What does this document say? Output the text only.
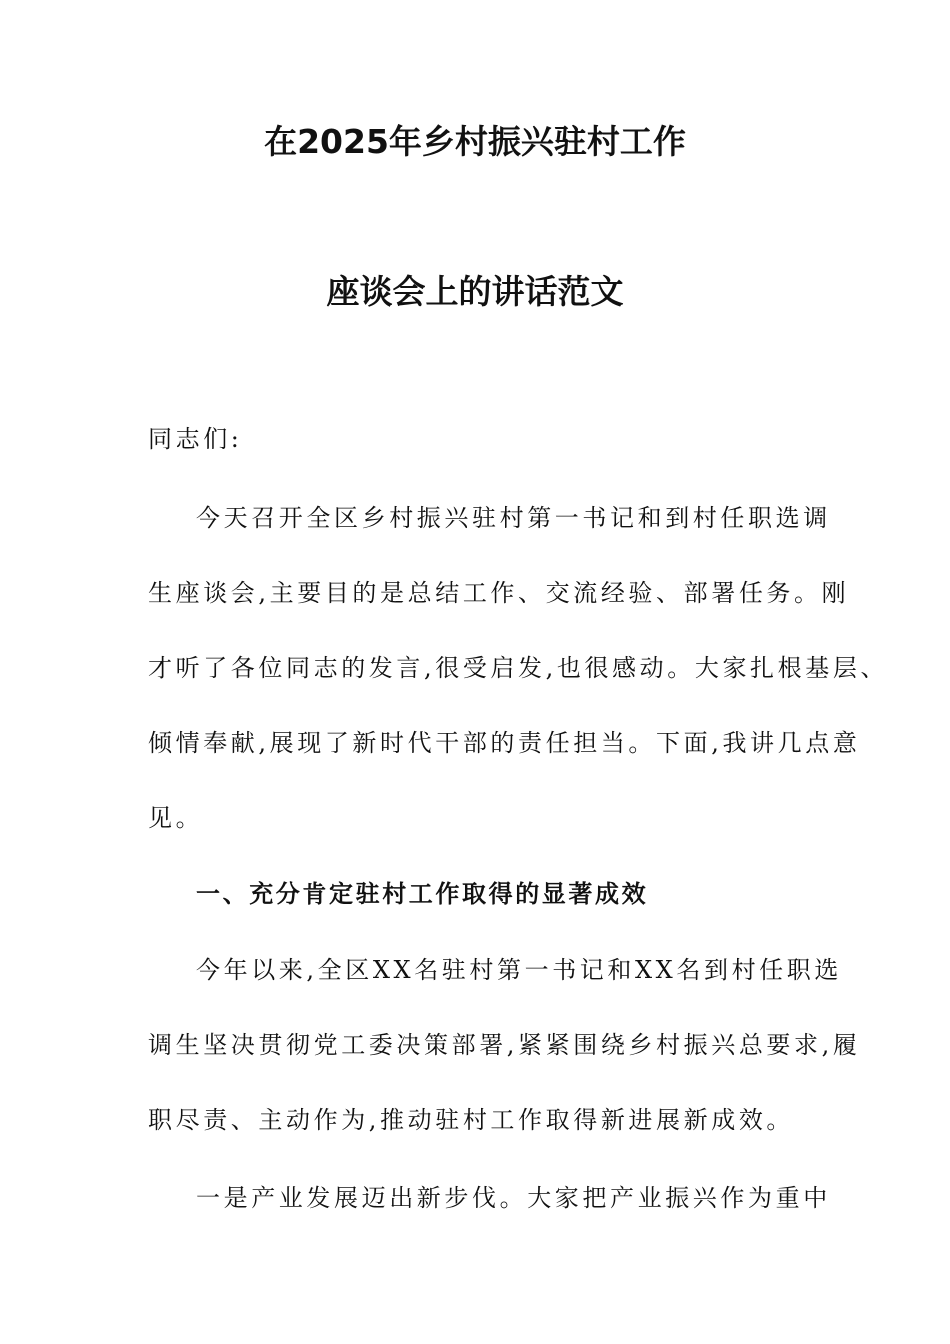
在2025年乡村振兴驻村工作
座谈会上的讲话范文
同志们:
今天召开全区乡村振兴驻村第一书记和到村任职选调
生座谈会,主要目的是总结工作、交流经验、部署任务。刚
才听了各位同志的发言,很受启发,也很感动。大家扎根基层、
倾情奉献,展现了新时代干部的责任担当。下面,我讲几点意
见。
一、充分肯定驻村工作取得的显著成效
今年以来,全区XX名驻村第一书记和XX名到村任职选
调生坚决贯彻党工委决策部署,紧紧围绕乡村振兴总要求,履
职尽责、主动作为,推动驻村工作取得新进展新成效。
一是产业发展迈出新步伐。大家把产业振兴作为重中
